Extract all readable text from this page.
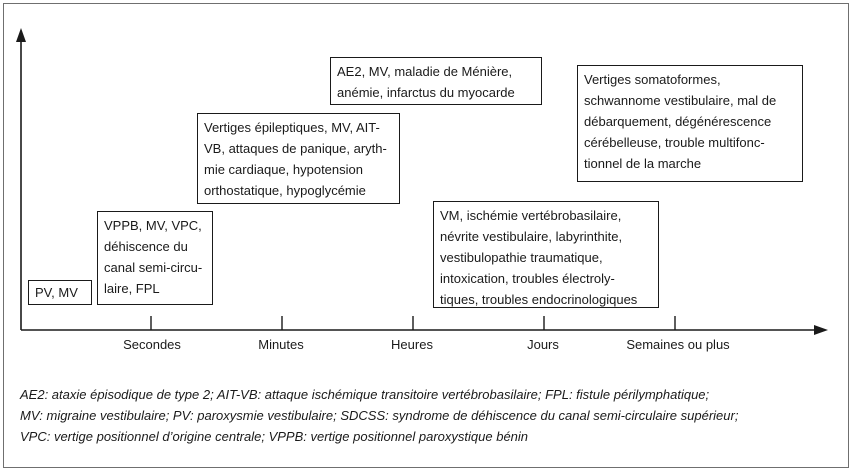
Secondes	Minutes	Heures	Jours	Semaines ou plus
PV, MV
VPPB, MV, VPC,
déhiscence du
canal semi-circu-
laire, FPL
Vertiges épileptiques, MV, AIT-
VB, attaques de panique, aryth-
mie cardiaque, hypotension
orthostatique, hypoglycémie
AE2, MV, maladie de Ménière,
anémie, infarctus du myocarde
VM, ischémie vertébrobasilaire,
névrite vestibulaire, labyrinthite,
vestibulopathie traumatique,
intoxication, troubles électroly-
tiques, troubles endocrinologiques
Vertiges somatoformes,
schwannome vestibulaire, mal de
débarquement, dégénérescence
cérébelleuse, trouble multifonc-
tionnel de la marche
AE2: ataxie épisodique de type 2; AIT-VB: attaque ischémique transitoire vertébrobasilaire; FPL: fistule périlymphatique;
MV: migraine vestibulaire; PV: paroxysmie vestibulaire; SDCSS: syndrome de déhiscence du canal semi-circulaire supérieur;
VPC: vertige positionnel d’origine centrale; VPPB: vertige positionnel paroxystique bénin
